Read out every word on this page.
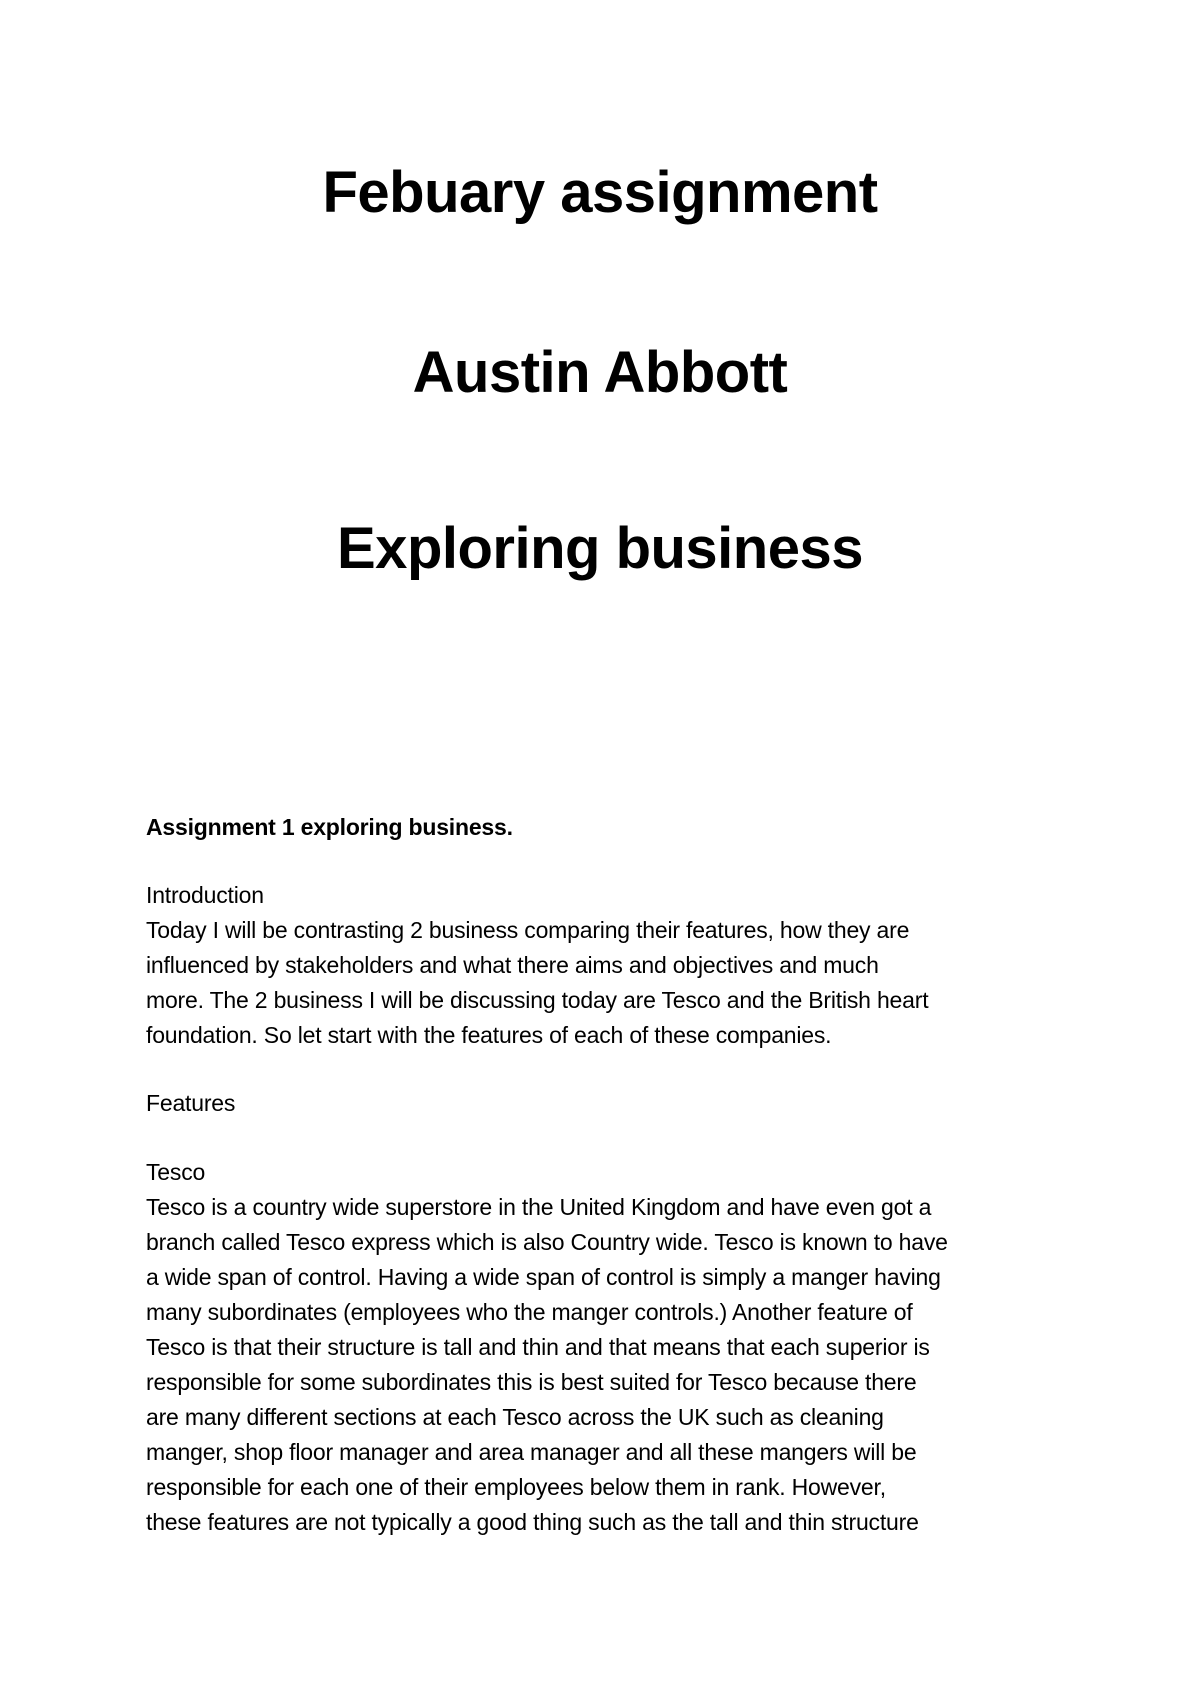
Febuary assignment
Austin Abbott
Exploring business

Assignment 1 exploring business.

Introduction

Today I will be contrasting 2 business comparing their features, how they are

influenced by stakeholders and what there aims and objectives and much

more. The 2 business I will be discussing today are Tesco and the British heart

foundation. So let start with the features of each of these companies.

Features

Tesco

Tesco is a country wide superstore in the United Kingdom and have even got a

branch called Tesco express which is also Country wide. Tesco is known to have

a wide span of control. Having a wide span of control is simply a manger having

many subordinates (employees who the manger controls.) Another feature of

Tesco is that their structure is tall and thin and that means that each superior is

responsible for some subordinates this is best suited for Tesco because there

are many different sections at each Tesco across the UK such as cleaning

manger, shop floor manager and area manager and all these mangers will be

responsible for each one of their employees below them in rank. However,

these features are not typically a good thing such as the tall and thin structure
